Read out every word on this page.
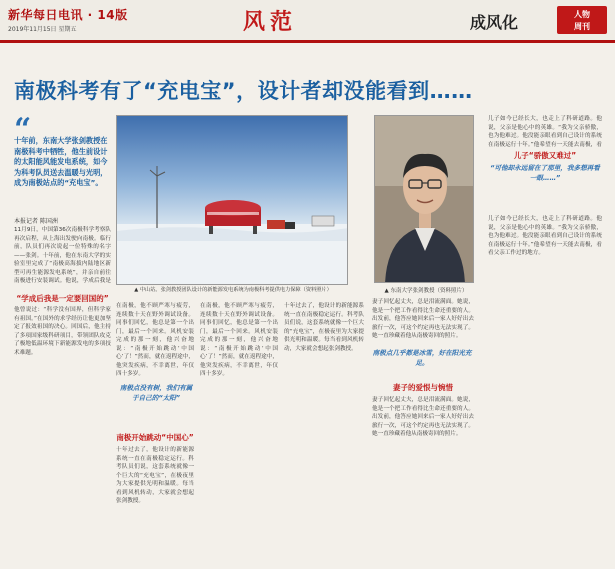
新华每日电讯 · 14版
2019年11月15日 星期五	风范	成风化	人物
周刊
南极科考有了“充电宝”，设计者却没能看到……
“
十年前，东南大学张剑教授在南极科考中牺牲，他生前设计的太阳能风能发电系统，如今为科考队员送去温暖与光明，成为南极站点的“充电宝”。
本报记者 陈国洲
11月9日，中国第36次南极科学考察队再次启程，从上海出发驶向南极。临行前，队员们再次说起一位特殊的名字——张剑。十年前，他在东南大学的实验室里完成了“南极高海拔内陆地区新型可再生能源发电系统”，并亲自前往南极进行安装调试。他说，学成后我是
“学成后我是一定要回国的”
他曾说过：“科学没有国界，但科学家有祖国。”在国外的求学经历让他更加坚定了报效祖国的决心。回国后，他主持了多项国家级科研项目，带领团队攻克了极地低温环境下新能源发电的多项技术难题。
▲ 中山站。张剑教授团队设计的新能源发电系统为南极科考提供电力保障（资料照片）
在南极，他不顾严寒与疲劳，连续数十天在野外调试设备。同事们回忆，他总是第一个出门，最后一个回来。风机安装完成的那一刻，他兴奋地说：“南极开始跳动‘中国心’了！”然而，就在返程途中，他突发疾病，不幸离世，年仅四十多岁。
南极点没有树，我们有属于自己的“太阳”
南极开始跳动“中国心”
十年过去了，他设计的新能源系统一直在南极稳定运行。科考队员们说，这套系统就像一个巨大的“充电宝”，在极夜里为大家提供光明和温暖。每当看到风机转动，大家就会想起张剑教授。
在南极，他不顾严寒与疲劳，连续数十天在野外调试设备。同事们回忆，他总是第一个出门，最后一个回来。风机安装完成的那一刻，他兴奋地说：“南极开始跳动‘中国心’了！”然而，就在返程途中，他突发疾病，不幸离世，年仅四十多岁。
十年过去了，他设计的新能源系统一直在南极稳定运行。科考队员们说，这套系统就像一个巨大的“充电宝”，在极夜里为大家提供光明和温暖。每当看到风机转动，大家就会想起张剑教授。
▲ 东南大学张剑教授（资料照片）
妻子回忆起丈夫，总是泪流满面。她说，他是一个把工作看得比生命还重要的人。出发前，他答应她回来后一家人好好出去旅行一次，可这个约定再也无法实现了。她一直珍藏着他从南极寄回的照片。
南极点几乎都是冰雪，好在阳光充足。
妻子的爱恨与惋惜
妻子回忆起丈夫，总是泪流满面。她说，他是一个把工作看得比生命还重要的人。出发前，他答应她回来后一家人好好出去旅行一次，可这个约定再也无法实现了。她一直珍藏着他从南极寄回的照片。
儿子如今已经长大，也走上了科研道路。他说，父亲是他心中的英雄。“我为父亲骄傲，也为他难过。他没能亲眼看到自己设计的系统在南极运行十年。”他希望有一天能去南极，看
儿子“骄傲又难过”
“可他却永远留在了那里，我多想再看一眼……”
儿子如今已经长大，也走上了科研道路。他说，父亲是他心中的英雄。“我为父亲骄傲，也为他难过。他没能亲眼看到自己设计的系统在南极运行十年。”他希望有一天能去南极，看看父亲工作过的地方。
